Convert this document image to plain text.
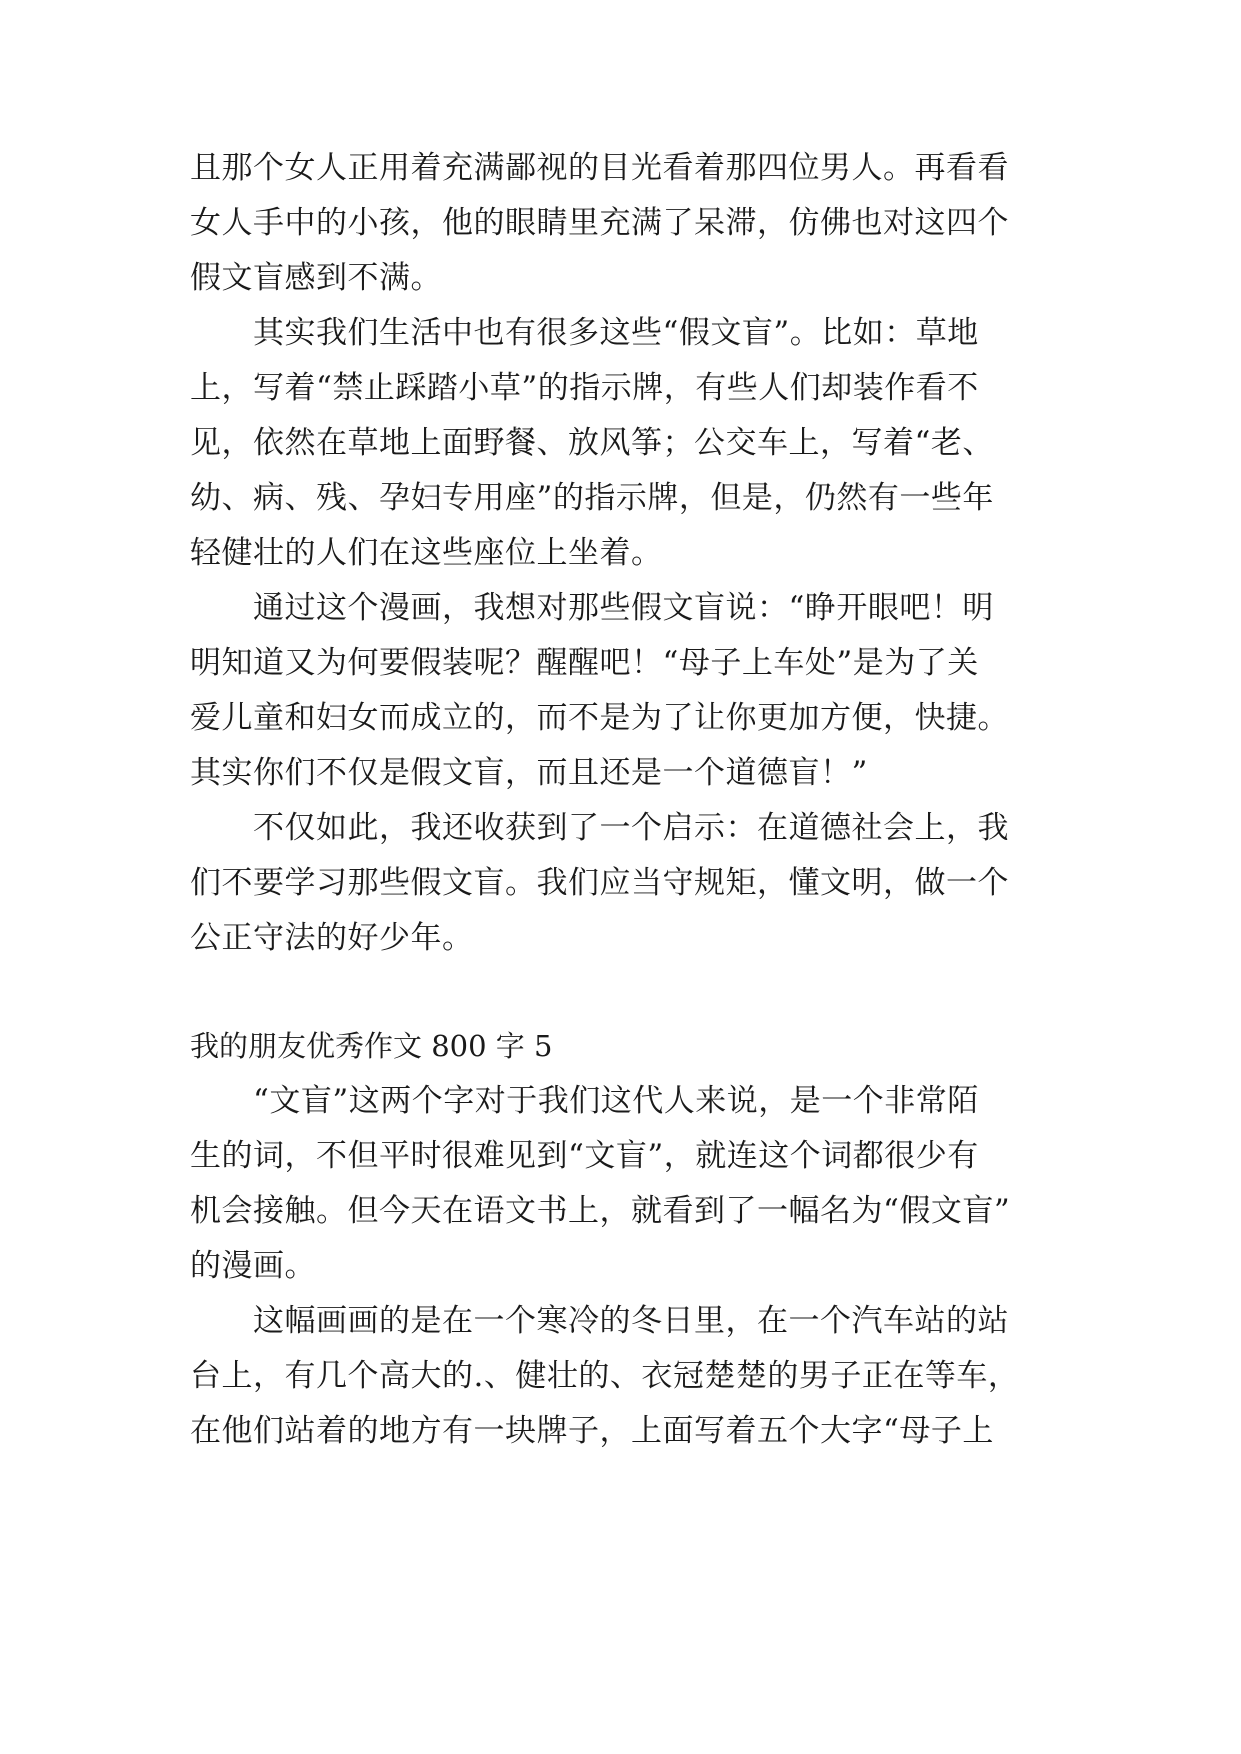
且那个女人正用着充满鄙视的目光看着那四位男人。再看看
女人手中的小孩，他的眼睛里充满了呆滞，仿佛也对这四个
假文盲感到不满。
　　其实我们生活中也有很多这些“假文盲”。比如：草地
上，写着“禁止踩踏小草”的指示牌，有些人们却装作看不
见，依然在草地上面野餐、放风筝；公交车上，写着“老、
幼、病、残、孕妇专用座”的指示牌，但是，仍然有一些年
轻健壮的人们在这些座位上坐着。
　　通过这个漫画，我想对那些假文盲说：“睁开眼吧！明
明知道又为何要假装呢？醒醒吧！“母子上车处”是为了关
爱儿童和妇女而成立的，而不是为了让你更加方便，快捷。
其实你们不仅是假文盲，而且还是一个道德盲！”
　　不仅如此，我还收获到了一个启示：在道德社会上，我
们不要学习那些假文盲。我们应当守规矩，懂文明，做一个
公正守法的好少年。
我的朋友优秀作文 800 字 5
　　“文盲”这两个字对于我们这代人来说，是一个非常陌
生的词，不但平时很难见到“文盲”，就连这个词都很少有
机会接触。但今天在语文书上，就看到了一幅名为“假文盲”
的漫画。
　　这幅画画的是在一个寒冷的冬日里，在一个汽车站的站
台上，有几个高大的.、健壮的、衣冠楚楚的男子正在等车，
在他们站着的地方有一块牌子，上面写着五个大字“母子上
